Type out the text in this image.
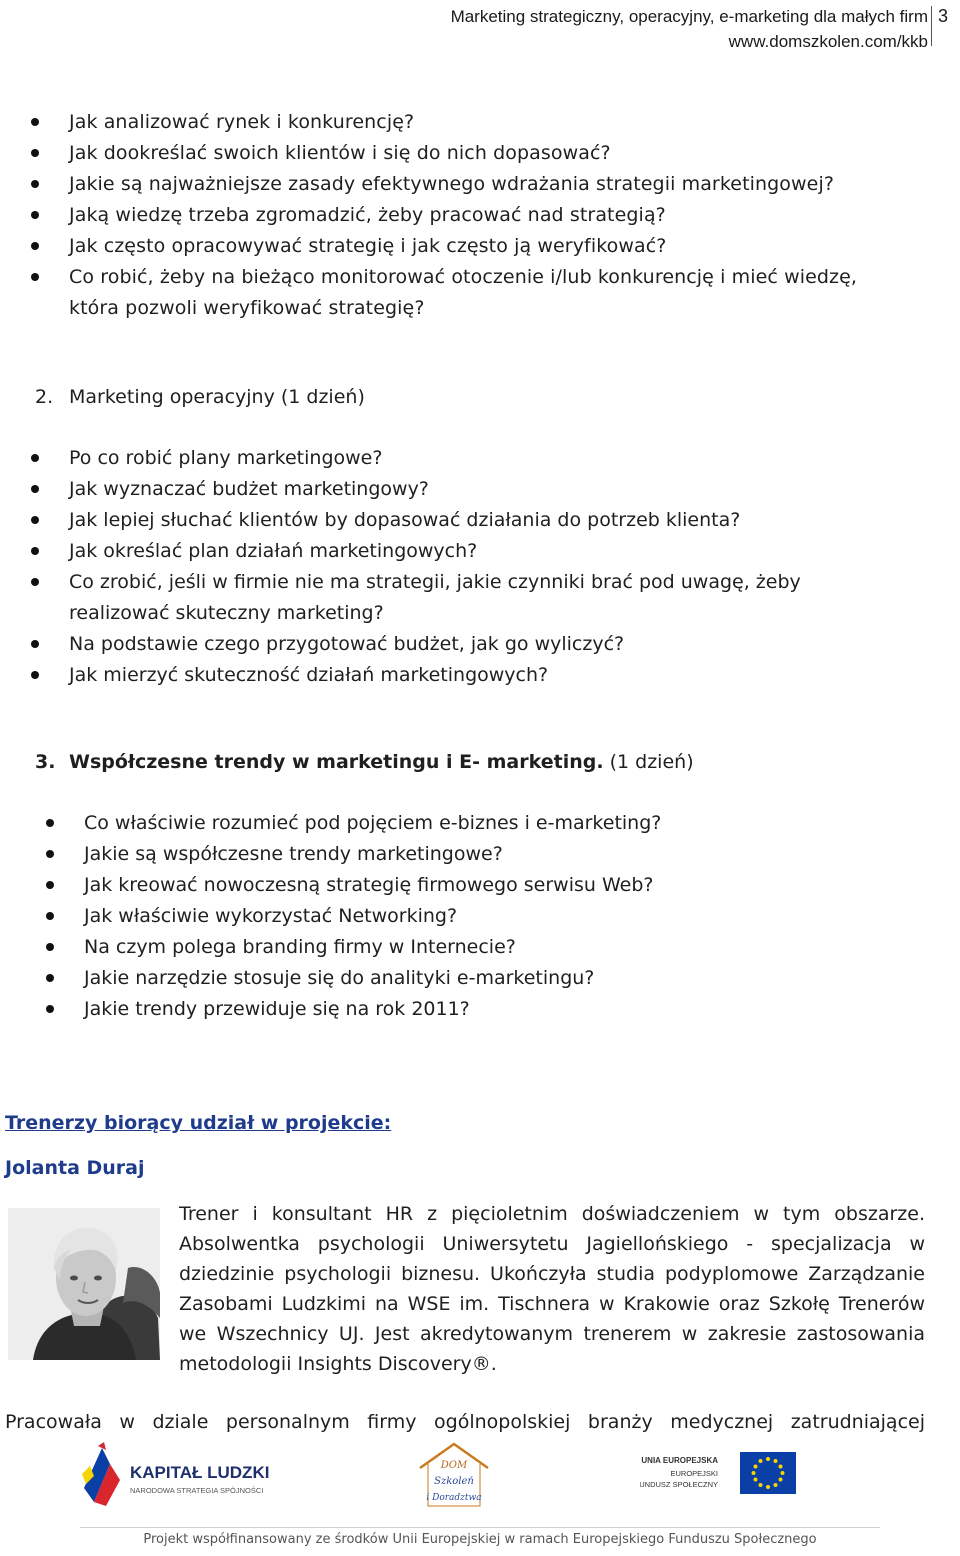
Marketing strategiczny, operacyjny, e-marketing dla małych firm
www.domszkolen.com/kkb
3
Jak analizować rynek i konkurencję?
Jak dookreślać swoich klientów i się do nich dopasować?
Jakie są najważniejsze zasady efektywnego wdrażania strategii marketingowej?
Jaką wiedzę trzeba zgromadzić, żeby pracować nad strategią?
Jak często opracowywać strategię i jak często ją weryfikować?
Co robić, żeby na bieżąco monitorować otoczenie i/lub konkurencję i mieć wiedzę, która pozwoli weryfikować strategię?
2. Marketing operacyjny (1 dzień)
Po co robić plany marketingowe?
Jak wyznaczać budżet marketingowy?
Jak lepiej słuchać klientów by dopasować działania do potrzeb klienta?
Jak określać plan działań marketingowych?
Co zrobić, jeśli w firmie nie ma strategii, jakie czynniki brać pod uwagę, żeby realizować skuteczny marketing?
Na podstawie czego przygotować budżet, jak go wyliczyć?
Jak mierzyć skuteczność działań marketingowych?
3. Współczesne trendy w marketingu i E- marketing. (1 dzień)
Co właściwie rozumieć pod pojęciem e-biznes i e-marketing?
Jakie są współczesne trendy marketingowe?
Jak kreować nowoczesną strategię firmowego serwisu Web?
Jak właściwie wykorzystać Networking?
Na czym polega branding firmy w Internecie?
Jakie narzędzie stosuje się do analityki e-marketingu?
Jakie trendy przewiduje się na rok 2011?
Trenerzy biorący udział w projekcie:
Jolanta Duraj
Trener i konsultant HR z pięcioletnim doświadczeniem w tym obszarze. Absolwentka psychologii Uniwersytetu Jagiellońskiego - specjalizacja w dziedzinie psychologii biznesu. Ukończyła studia podyplomowe Zarządzanie Zasobami Ludzkimi na WSE im. Tischnera w Krakowie oraz Szkołę Trenerów we Wszechnicy UJ. Jest akredytowanym trenerem w zakresie zastosowania metodologii Insights Discovery®.
Pracowała w dziale personalnym firmy ogólnopolskiej branży medycznej zatrudniającej
KAPITAŁ LUDZKI
NARODOWA STRATEGIA SPÓJNOŚCI
DOM
Szkoleń
i Doradztwa
UNIA EUROPEJSKA
EUROPEJSKI
FUNDUSZ SPOŁECZNY
Projekt współfinansowany ze środków Unii Europejskiej w ramach Europejskiego Funduszu Społecznego
